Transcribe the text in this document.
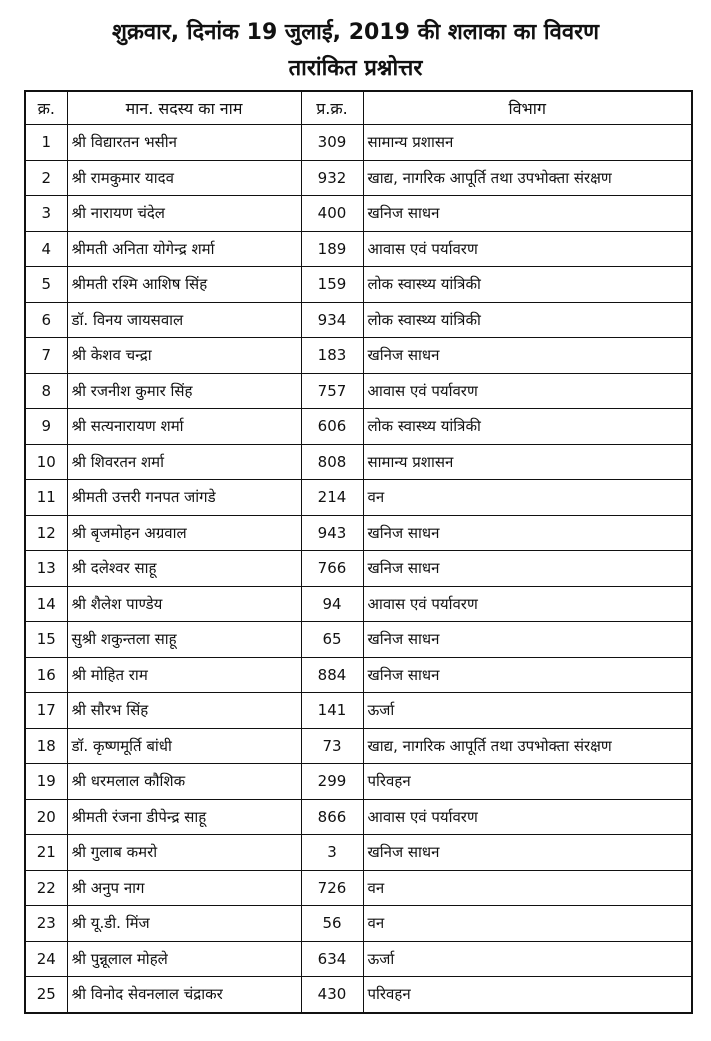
शुक्रवार, दिनांक 19 जुलाई, 2019 की शलाका का विवरण
तारांकित प्रश्नोत्तर
क्र.	मान. सदस्य का नाम	प्र.क्र.	विभाग
1	श्री विद्यारतन भसीन	309	सामान्य प्रशासन
2	श्री रामकुमार यादव	932	खाद्य, नागरिक आपूर्ति तथा उपभोक्ता संरक्षण
3	श्री नारायण चंदेल	400	खनिज साधन
4	श्रीमती अनिता योगेन्द्र शर्मा	189	आवास एवं पर्यावरण
5	श्रीमती रश्मि आशिष सिंह	159	लोक स्वास्थ्य यांत्रिकी
6	डॉ. विनय जायसवाल	934	लोक स्वास्थ्य यांत्रिकी
7	श्री केशव चन्द्रा	183	खनिज साधन
8	श्री रजनीश कुमार सिंह	757	आवास एवं पर्यावरण
9	श्री सत्यनारायण शर्मा	606	लोक स्वास्थ्य यांत्रिकी
10	श्री शिवरतन शर्मा	808	सामान्य प्रशासन
11	श्रीमती उत्तरी गनपत जांगडे	214	वन
12	श्री बृजमोहन अग्रवाल	943	खनिज साधन
13	श्री दलेश्वर साहू	766	खनिज साधन
14	श्री शैलेश पाण्डेय	94	आवास एवं पर्यावरण
15	सुश्री शकुन्तला साहू	65	खनिज साधन
16	श्री मोहित राम	884	खनिज साधन
17	श्री सौरभ सिंह	141	ऊर्जा
18	डॉ. कृष्णमूर्ति बांधी	73	खाद्य, नागरिक आपूर्ति तथा उपभोक्ता संरक्षण
19	श्री धरमलाल कौशिक	299	परिवहन
20	श्रीमती रंजना डीपेन्द्र साहू	866	आवास एवं पर्यावरण
21	श्री गुलाब कमरो	3	खनिज साधन
22	श्री अनुप नाग	726	वन
23	श्री यू.डी. मिंज	56	वन
24	श्री पुन्नूलाल मोहले	634	ऊर्जा
25	श्री विनोद सेवनलाल चंद्राकर	430	परिवहन
